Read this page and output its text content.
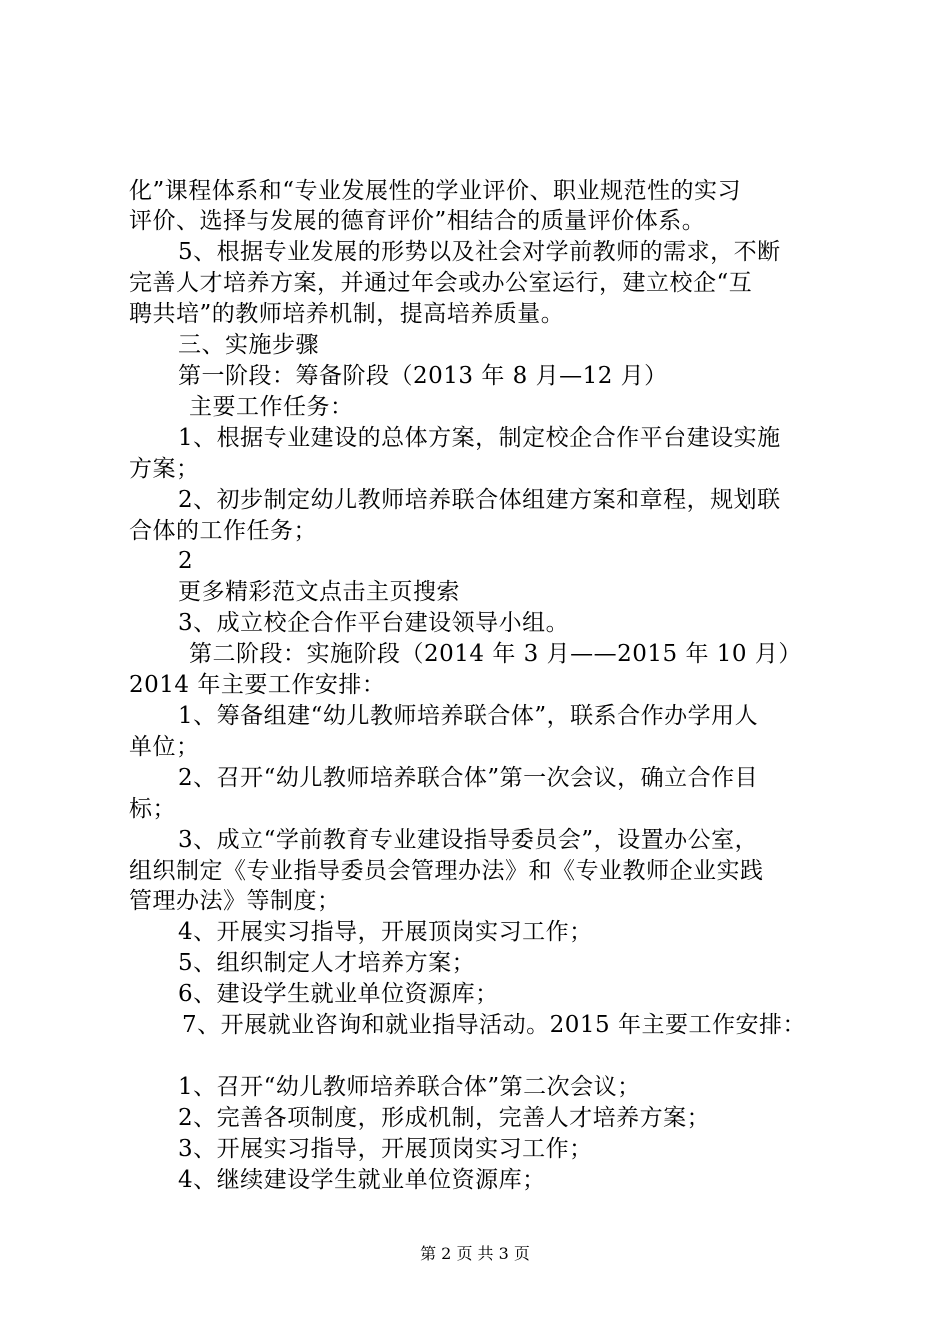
化”课程体系和“专业发展性的学业评价、职业规范性的实习
评价、选择与发展的德育评价”相结合的质量评价体系。
5、根据专业发展的形势以及社会对学前教师的需求，不断
完善人才培养方案，并通过年会或办公室运行，建立校企“互
聘共培”的教师培养机制，提高培养质量。
三、实施步骤
第一阶段：筹备阶段（2013 年 8 月—12 月）
主要工作任务：
1、根据专业建设的总体方案，制定校企合作平台建设实施
方案；
2、初步制定幼儿教师培养联合体组建方案和章程，规划联
合体的工作任务；
2
更多精彩范文点击主页搜索
3、成立校企合作平台建设领导小组。
第二阶段：实施阶段（2014 年 3 月——2015 年 10 月）
2014 年主要工作安排：
1、筹备组建“幼儿教师培养联合体”，联系合作办学用人
单位；
2、召开“幼儿教师培养联合体”第一次会议，确立合作目
标；
3、成立“学前教育专业建设指导委员会”，设置办公室，
组织制定《专业指导委员会管理办法》和《专业教师企业实践
管理办法》等制度；
4、开展实习指导，开展顶岗实习工作；
5、组织制定人才培养方案；
6、建设学生就业单位资源库；
7、开展就业咨询和就业指导活动。2015 年主要工作安排：
1、召开“幼儿教师培养联合体”第二次会议；
2、完善各项制度，形成机制，完善人才培养方案；
3、开展实习指导，开展顶岗实习工作；
4、继续建设学生就业单位资源库；
第 2 页 共 3 页
